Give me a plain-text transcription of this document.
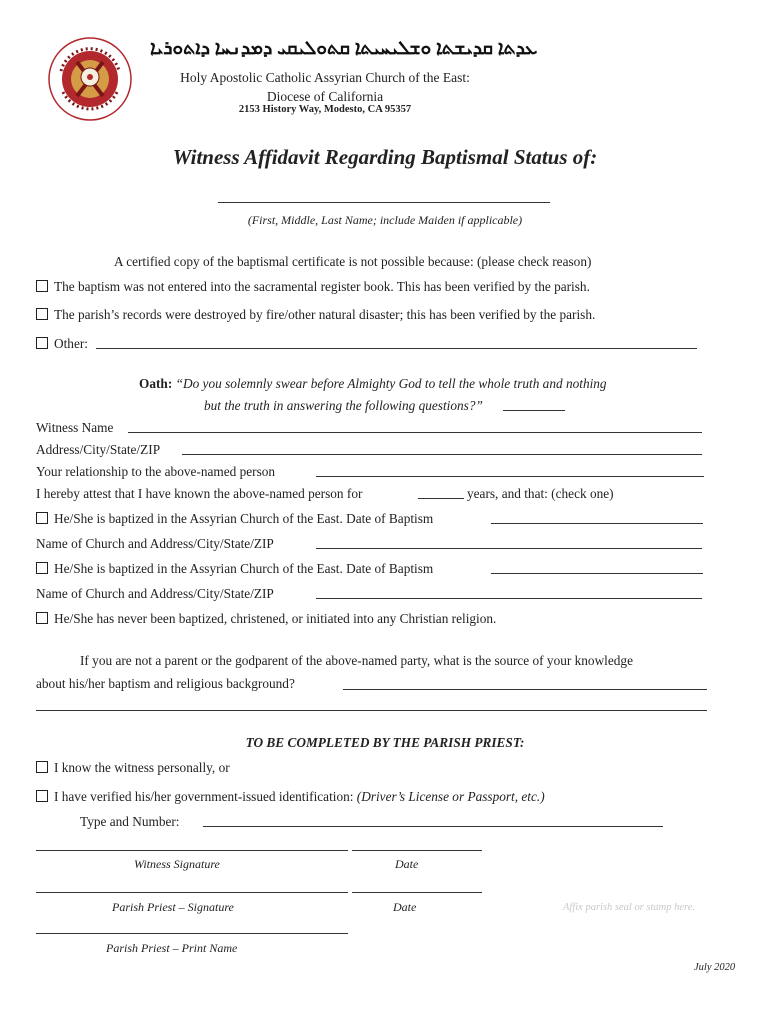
ܥܕܬܐ ܩܕܝܫܬܐ ܘܫܠܝܚܝܬܐ ܩܬܘܠܝܩܝ ܕܡܕܢܚܐ ܕܐܬܘܪܝܐ
Holy Apostolic Catholic Assyrian Church of the East:
Diocese of California
2153 History Way, Modesto, CA 95357
Witness Affidavit Regarding Baptismal Status of:
(First, Middle, Last Name; include Maiden if applicable)
A certified copy of the baptismal certificate is not possible because: (please check reason)
The baptism was not entered into the sacramental register book. This has been verified by the parish.
The parish’s records were destroyed by fire/other natural disaster; this has been verified by the parish.
Other:
Oath: “Do you solemnly swear before Almighty God to tell the whole truth and nothing
but the truth in answering the following questions?”
Witness Name
Address/City/State/ZIP
Your relationship to the above-named person
I hereby attest that I have known the above-named person for	years, and that: (check one)
He/She is baptized in the Assyrian Church of the East. Date of Baptism
Name of Church and Address/City/State/ZIP
He/She is baptized in the Assyrian Church of the East. Date of Baptism
Name of Church and Address/City/State/ZIP
He/She has never been baptized, christened, or initiated into any Christian religion.
If you are not a parent or the godparent of the above-named party, what is the source of your knowledge
about his/her baptism and religious background?
TO BE COMPLETED BY THE PARISH PRIEST:
I know the witness personally, or
I have verified his/her government-issued identification: (Driver’s License or Passport, etc.)
Type and Number:
Witness Signature	Date
Parish Priest – Signature	Date	Affix parish seal or stamp here.
Parish Priest – Print Name
July 2020
